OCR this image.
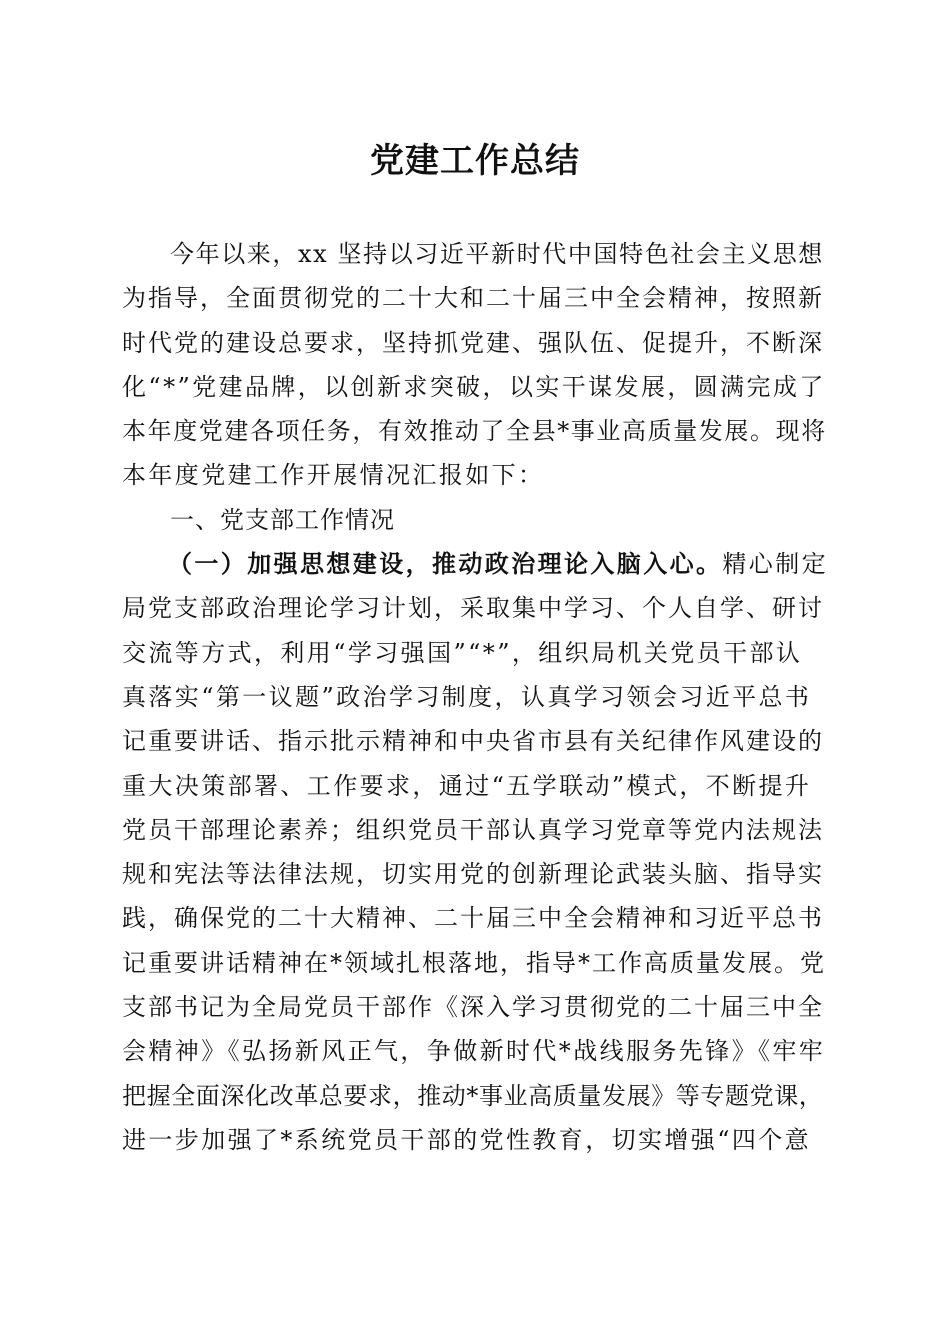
党建工作总结
今年以来，xx 坚持以习近平新时代中国特色社会主义思想
为指导，全面贯彻党的二十大和二十届三中全会精神，按照新
时代党的建设总要求，坚持抓党建、强队伍、促提升，不断深
化“*”党建品牌，以创新求突破，以实干谋发展，圆满完成了
本年度党建各项任务，有效推动了全县*事业高质量发展。现将
本年度党建工作开展情况汇报如下：
一、党支部工作情况
（一）加强思想建设，推动政治理论入脑入心。精心制定
局党支部政治理论学习计划，采取集中学习、个人自学、研讨
交流等方式，利用“学习强国”“*”，组织局机关党员干部认
真落实“第一议题”政治学习制度，认真学习领会习近平总书
记重要讲话、指示批示精神和中央省市县有关纪律作风建设的
重大决策部署、工作要求，通过“五学联动”模式，不断提升
党员干部理论素养；组织党员干部认真学习党章等党内法规法
规和宪法等法律法规，切实用党的创新理论武装头脑、指导实
践，确保党的二十大精神、二十届三中全会精神和习近平总书
记重要讲话精神在*领域扎根落地，指导*工作高质量发展。党
支部书记为全局党员干部作《深入学习贯彻党的二十届三中全
会精神》《弘扬新风正气，争做新时代*战线服务先锋》《牢牢
把握全面深化改革总要求，推动*事业高质量发展》等专题党课，
进一步加强了*系统党员干部的党性教育，切实增强“四个意
